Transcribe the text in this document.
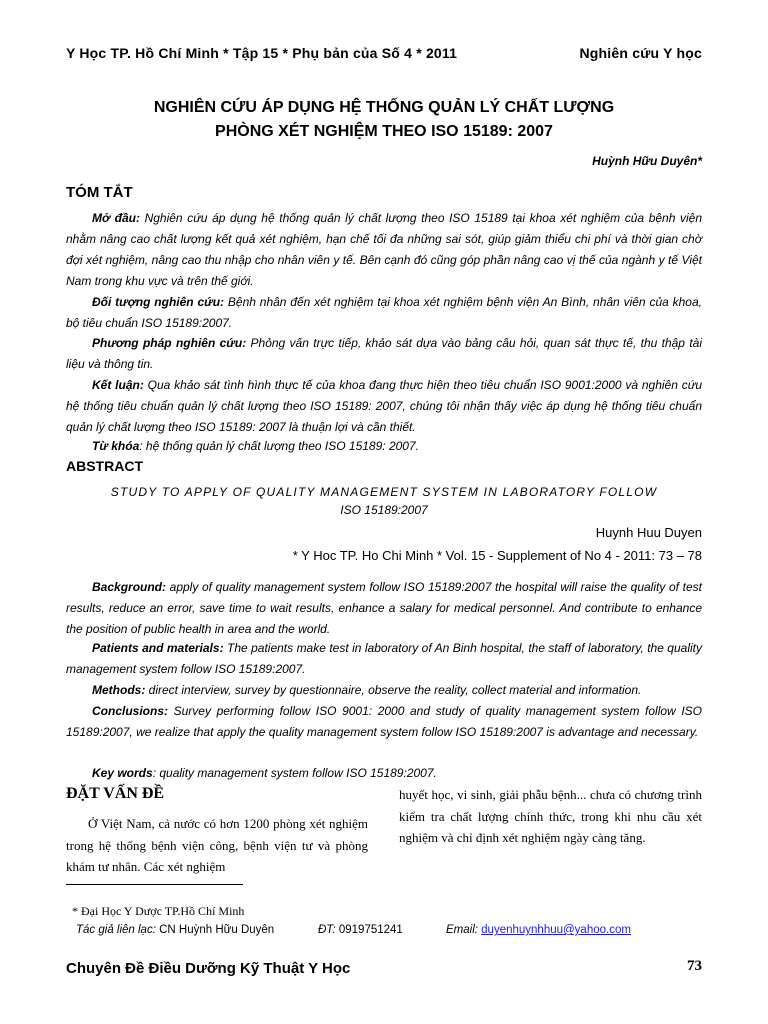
Y Học TP. Hồ Chí Minh * Tập 15 * Phụ bản của Số 4 * 2011	Nghiên cứu Y học
NGHIÊN CỨU ÁP DỤNG HỆ THỐNG QUẢN LÝ CHẤT LƯỢNG
PHÒNG XÉT NGHIỆM THEO ISO 15189: 2007
Huỳnh Hữu Duyên*
TÓM TẮT
Mở đầu: Nghiên cứu áp dụng hệ thống quản lý chất lượng theo ISO 15189 tại khoa xét nghiệm của bệnh viện nhằm nâng cao chất lượng kết quả xét nghiệm, hạn chế tối đa những sai sót, giúp giảm thiểu chi phí và thời gian chờ đợi xét nghiệm, nâng cao thu nhập cho nhân viên y tế. Bên cạnh đó cũng góp phần nâng cao vị thế của ngành y tế Việt Nam trong khu vực và trên thế giới.
Đối tượng nghiên cứu: Bệnh nhân đến xét nghiệm tại khoa xét nghiệm bệnh viện An Bình, nhân viên của khoa, bộ tiêu chuẩn ISO 15189:2007.
Phương pháp nghiên cứu: Phỏng vấn trực tiếp, khảo sát dựa vào bảng câu hỏi, quan sát thực tế, thu thập tài liệu và thông tin.
Kết luận: Qua khảo sát tình hình thực tế của khoa đang thực hiện theo tiêu chuẩn ISO 9001:2000 và nghiên cứu hệ thống tiêu chuẩn quản lý chất lượng theo ISO 15189: 2007, chúng tôi nhận thấy việc áp dụng hệ thống tiêu chuẩn quản lý chất lượng theo ISO 15189: 2007 là thuận lợi và cần thiết.
Từ khóa: hệ thống quản lý chất lượng theo ISO 15189: 2007.
ABSTRACT
STUDY TO APPLY OF QUALITY MANAGEMENT SYSTEM IN LABORATORY FOLLOW
ISO 15189:2007
Huynh Huu Duyen
* Y Hoc TP. Ho Chi Minh * Vol. 15 - Supplement of No 4 - 2011: 73 – 78
Background: apply of quality management system follow ISO 15189:2007 the hospital will raise the quality of test results, reduce an error, save time to wait results, enhance a salary for medical personnel. And contribute to enhance the position of public health in area and the world.
Patients and materials: The patients make test in laboratory of An Binh hospital, the staff of laboratory, the quality management system follow ISO 15189:2007.
Methods: direct interview, survey by questionnaire, observe the reality, collect material and information.
Conclusions: Survey performing follow ISO 9001: 2000 and study of quality management system follow ISO 15189:2007, we realize that apply the quality management system follow ISO 15189:2007 is advantage and necessary.
Key words: quality management system follow ISO 15189:2007.
ĐẶT VẤN ĐỀ
Ở Việt Nam, cả nước có hơn 1200 phòng xét nghiệm trong hệ thống bệnh viện công, bệnh viện tư và phòng khám tư nhân. Các xét nghiệm
huyết học, vi sinh, giải phẫu bệnh... chưa có chương trình kiểm tra chất lượng chính thức, trong khi nhu cầu xét nghiệm và chỉ định xét nghiệm ngày càng tăng.
* Đại Học Y Dược TP.Hồ Chí Minh
Tác giả liên lạc: CN Huỳnh Hữu Duyên	ĐT: 0919751241	Email: duyenhuynhhuu@yahoo.com
Chuyên Đề Điều Dưỡng Kỹ Thuật Y Học	73
